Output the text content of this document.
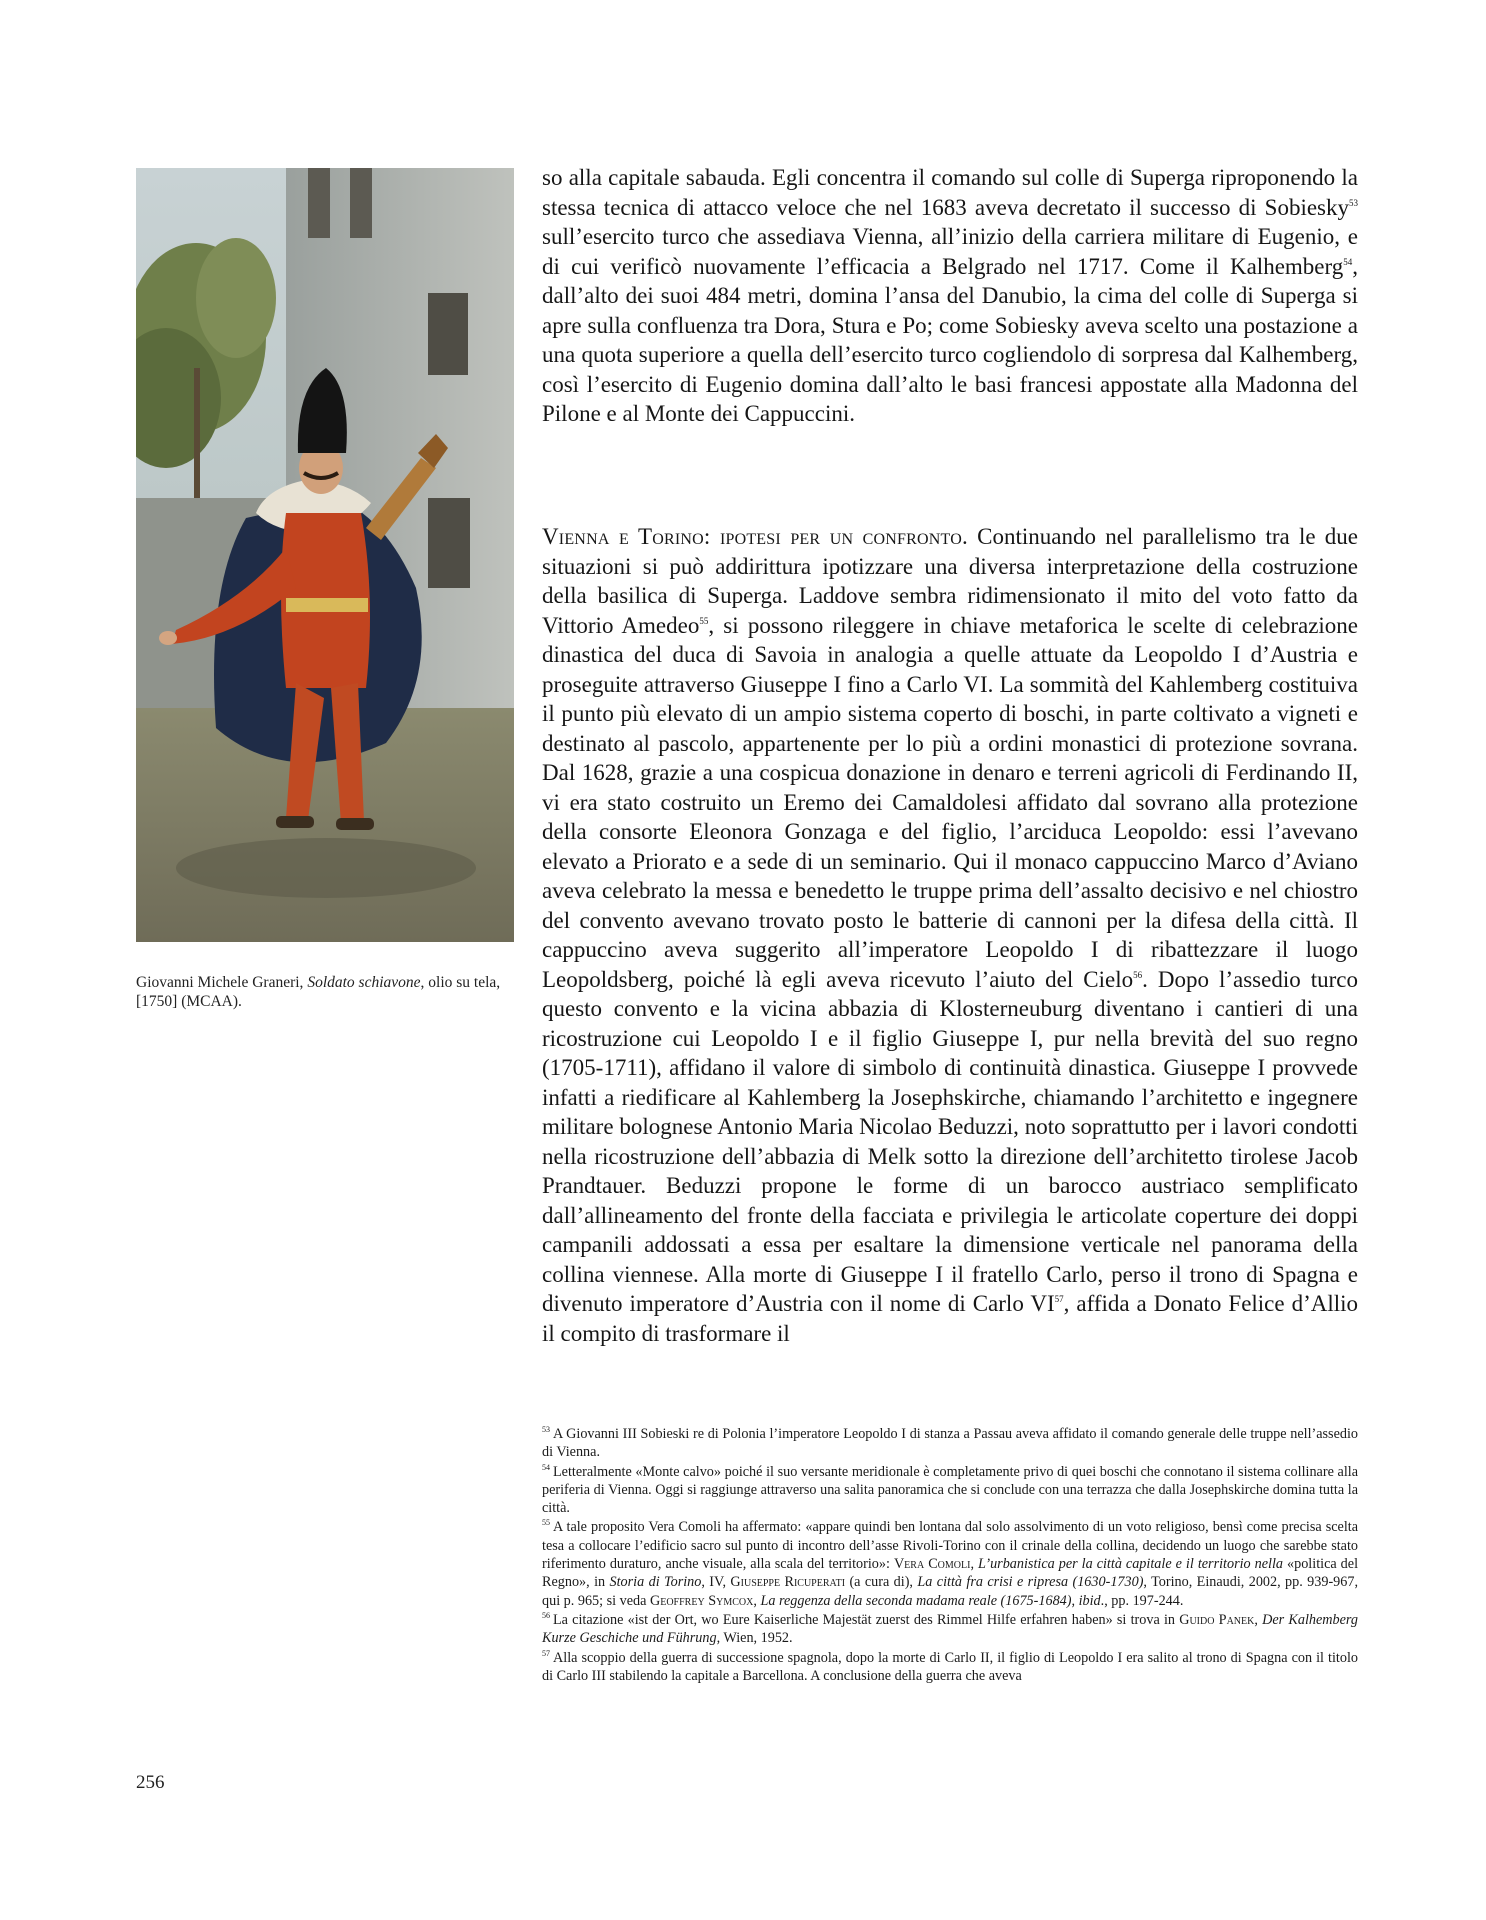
Giovanni Michele Graneri, Soldato schiavone, olio su tela, [1750] (MCAA).

so alla capitale sabauda. Egli concentra il comando sul colle di Superga riproponendo la stessa tecnica di attacco veloce che nel 1683 aveva decretato il successo di Sobiesky$^{53}$ sull’esercito turco che assediava Vienna, all’inizio della carriera militare di Eugenio, e di cui verificò nuovamente l’efficacia a Belgrado nel 1717. Come il Kalhemberg$^{54}$, dall’alto dei suoi 484 metri, domina l’ansa del Danubio, la cima del colle di Superga si apre sulla confluenza tra Dora, Stura e Po; come Sobiesky aveva scelto una postazione a una quota superiore a quella dell’esercito turco cogliendolo di sorpresa dal Kalhemberg, così l’esercito di Eugenio domina dall’alto le basi francesi appostate alla Madonna del Pilone e al Monte dei Cappuccini.

Vienna e Torino: ipotesi per un confronto. Continuando nel parallelismo tra le due situazioni si può addirittura ipotizzare una diversa interpretazione della costruzione della basilica di Superga. Laddove sembra ridimensionato il mito del voto fatto da Vittorio Amedeo$^{55}$, si possono rileggere in chiave metaforica le scelte di celebrazione dinastica del duca di Savoia in analogia a quelle attuate da Leopoldo I d’Austria e proseguite attraverso Giuseppe I fino a Carlo VI. La sommità del Kahlemberg costituiva il punto più elevato di un ampio sistema coperto di boschi, in parte coltivato a vigneti e destinato al pascolo, appartenente per lo più a ordini monastici di protezione sovrana. Dal 1628, grazie a una cospicua donazione in denaro e terreni agricoli di Ferdinando II, vi era stato costruito un Eremo dei Camaldolesi affidato dal sovrano alla protezione della consorte Eleonora Gonzaga e del figlio, l’arciduca Leopoldo: essi l’avevano elevato a Priorato e a sede di un seminario. Qui il monaco cappuccino Marco d’Aviano aveva celebrato la messa e benedetto le truppe prima dell’assalto decisivo e nel chiostro del convento avevano trovato posto le batterie di cannoni per la difesa della città. Il cappuccino aveva suggerito all’imperatore Leopoldo I di ribattezzare il luogo Leopoldsberg, poiché là egli aveva ricevuto l’aiuto del Cielo$^{56}$. Dopo l’assedio turco questo convento e la vicina abbazia di Klosterneuburg diventano i cantieri di una ricostruzione cui Leopoldo I e il figlio Giuseppe I, pur nella brevità del suo regno (1705-1711), affidano il valore di simbolo di continuità dinastica. Giuseppe I provvede infatti a riedificare al Kahlemberg la Josephskirche, chiamando l’architetto e ingegnere militare bolognese Antonio Maria Nicolao Beduzzi, noto soprattutto per i lavori condotti nella ricostruzione dell’abbazia di Melk sotto la direzione dell’architetto tirolese Jacob Prandtauer. Beduzzi propone le forme di un barocco austriaco semplificato dall’allineamento del fronte della facciata e privilegia le articolate coperture dei doppi campanili addossati a essa per esaltare la dimensione verticale nel panorama della collina viennese. Alla morte di Giuseppe I il fratello Carlo, perso il trono di Spagna e divenuto imperatore d’Austria con il nome di Carlo VI$^{57}$, affida a Donato Felice d’Allio il compito di trasformare il

$^{53}$ A Giovanni III Sobieski re di Polonia l’imperatore Leopoldo I di stanza a Passau aveva affidato il comando generale delle truppe nell’assedio di Vienna.

$^{54}$ Letteralmente «Monte calvo» poiché il suo versante meridionale è completamente privo di quei boschi che connotano il sistema collinare alla periferia di Vienna. Oggi si raggiunge attraverso una salita panoramica che si conclude con una terrazza che dalla Josephskirche domina tutta la città.

$^{55}$ A tale proposito Vera Comoli ha affermato: «appare quindi ben lontana dal solo assolvimento di un voto religioso, bensì come precisa scelta tesa a collocare l’edificio sacro sul punto di incontro dell’asse Rivoli-Torino con il crinale della collina, decidendo un luogo che sarebbe stato riferimento duraturo, anche visuale, alla scala del territorio»: Vera Comoli, L’urbanistica per la città capitale e il territorio nella «politica del Regno», in Storia di Torino, IV, Giuseppe Ricuperati (a cura di), La città fra crisi e ripresa (1630-1730), Torino, Einaudi, 2002, pp. 939-967, qui p. 965; si veda Geoffrey Symcox, La reggenza della seconda madama reale (1675-1684), ibid., pp. 197-244.

$^{56}$ La citazione «ist der Ort, wo Eure Kaiserliche Majestät zuerst des Rimmel Hilfe erfahren haben» si trova in Guido Panek, Der Kalhemberg Kurze Geschiche und Führung, Wien, 1952.

$^{57}$ Alla scoppio della guerra di successione spagnola, dopo la morte di Carlo II, il figlio di Leopoldo I era salito al trono di Spagna con il titolo di Carlo III stabilendo la capitale a Barcellona. A conclusione della guerra che aveva

256
